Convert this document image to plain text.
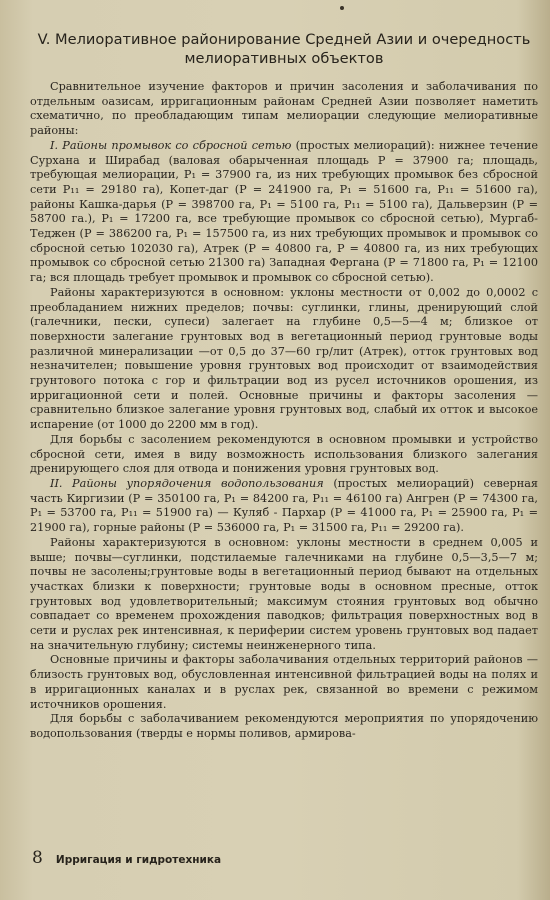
V. Мелиоративное районирование Средней Азии и очередность мелиоративных объектов

Сравнительное изучение факторов и причин засоления и заболачивания по отдельным оазисам, ирригационным районам Средней Азии позволяет наметить схематично, по преобладающим типам мелиорации следующие мелиоративные районы:

I. Районы промывок со сбросной сетью (простых мелиораций): нижнее течение Сурхана и Ширабад (валовая обарыченная площадь P = 37900 га; площадь, требующая мелиорации, P₁ = 37900 га, из них требующих промывок без сбросной сети P₁₁ = 29180 га), Копет-даг (P = 241900 га, P₁ = 51600 га, P₁₁ = 51600 га), районы Кашка-дарья (P = 398700 га, P₁ = 5100 га, P₁₁ = 5100 га), Дальверзин (P = 58700 га.), P₁ = 17200 га, все требующие промывок со сбросной сетью), Мургаб-Теджен (P = 386200 га, P₁ = 157500 га, из них требующих промывок и промывок со сбросной сетью 102030 га), Атрек (P = 40800 га, P = 40800 га, из них требующих промывок со сбросной сетью 21300 га) Западная Фергана (P = 71800 га, P₁ = 12100 га; вся площадь требует промывок и промывок со сбросной сетью).

Районы характеризуются в основном: уклоны местности от 0,002 до 0,0002 с преобладанием нижних пределов; почвы: суглинки, глины, дренирующий слой (галечники, пески, супеси) залегает на глубине 0,5—5—4 м; близкое от поверхности залегание грунтовых вод в вегетационный период грунтовые воды различной минерализации —от 0,5 до 37—60 гр/лит (Атрек), отток грунтовых вод незначителен; повышение уровня грунтовых вод происходит от взаимодействия грунтового потока с гор и фильтрации вод из русел источников орошения, из ирригационной сети и полей. Основные причины и факторы засоления — сравнительно близкое залегание уровня грунтовых вод, слабый их отток и высокое испарение (от 1000 до 2200 мм в год).

Для борьбы с засолением рекомендуются в основном промывки и устройство сбросной сети, имея в виду возможность использования близкого залегания дренирующего слоя для отвода и понижения уровня грунтовых вод.

II. Районы упорядочения водопользования (простых мелиораций) северная часть Киргизии (P = 350100 га, P₁ = 84200 га, P₁₁ = 46100 га) Ангрен (P = 74300 га, P₁ = 53700 га, P₁₁ = 51900 га) — Куляб - Пархар (P = 41000 га, P₁ = 25900 га, P₁ = 21900 га), горные районы (P = 536000 га, P₁ = 31500 га, P₁₁ = 29200 га).

Районы характеризуются в основном: уклоны местности в среднем 0,005 и выше; почвы—суглинки, подстилаемые галечниками на глубине 0,5—3,5—7 м; почвы не засолены;грунтовые воды в вегетационный период бывают на отдельных участках близки к поверхности; грунтовые воды в основном пресные, отток грунтовых вод удовлетворительный; максимум стояния грунтовых вод обычно совпадает со временем прохождения паводков; фильтрация поверхностных вод в сети и руслах рек интенсивная, к периферии систем уровень грунтовых вод падает на значительную глубину; системы неинженерного типа.

Основные причины и факторы заболачивания отдельных территорий районов — близость грунтовых вод, обусловленная интенсивной фильтрацией воды на полях и в ирригационных каналах и в руслах рек, связанной во времени с режимом источников орошения.

Для борьбы с заболачиванием рекомендуются мероприятия по упорядочению водопользования (тверды е нормы поливов, армирова-

8 Ирригация и гидротехника
